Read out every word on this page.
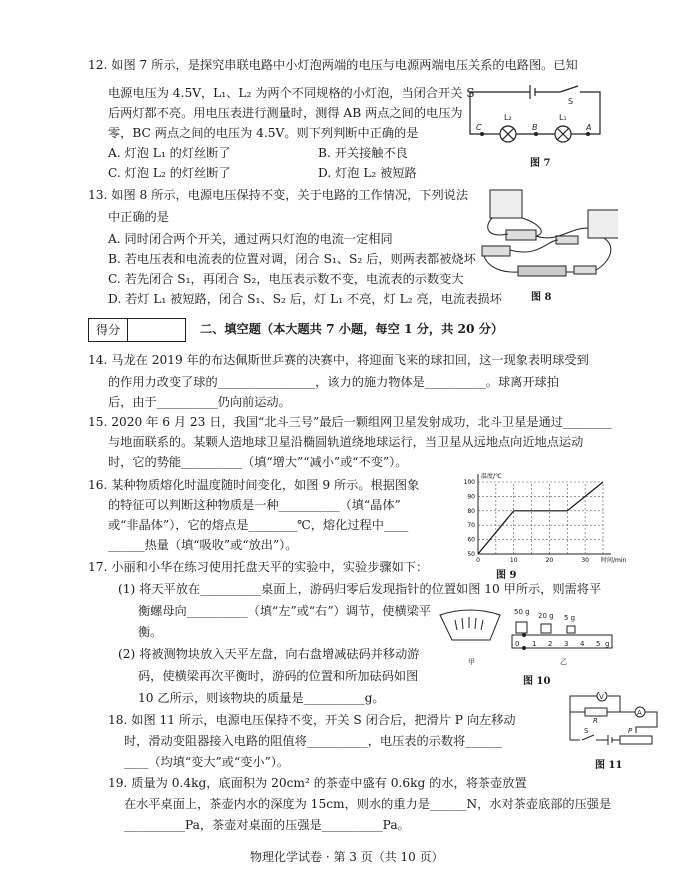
12. 如图 7 所示，是探究串联电路中小灯泡两端的电压与电源两端电压关系的电路图。已知
电源电压为 4.5V，L₁、L₂ 为两个不同规格的小灯泡，当闭合开关 S
后两灯都不亮。用电压表进行测量时，测得 AB 两点之间的电压为
零，BC 两点之间的电压为 4.5V。则下列判断中正确的是
A. 灯泡 L₁ 的灯丝断了	B. 开关接触不良
C. 灯泡 L₂ 的灯丝断了	D. 灯泡 L₂ 被短路
S
L₂	L₁
C	B	A
图 7
13. 如图 8 所示，电源电压保持不变，关于电路的工作情况，下列说法
中正确的是
A. 同时闭合两个开关，通过两只灯泡的电流一定相同
B. 若电压表和电流表的位置对调，闭合 S₁、S₂ 后，则两表都被烧坏
C. 若先闭合 S₁，再闭合 S₂，电压表示数不变，电流表的示数变大
D. 若灯 L₁ 被短路，闭合 S₁、S₂ 后，灯 L₁ 不亮，灯 L₂ 亮，电流表损坏	图 8
得分	二、填空题（本大题共 7 小题，每空 1 分，共 20 分）
14. 马龙在 2019 年的布达佩斯世乒赛的决赛中，将迎面飞来的球扣回，这一现象表明球受到
的作用力改变了球的________________，该力的施力物体是__________。球离开球拍
后，由于__________仍向前运动。
15. 2020 年 6 月 23 日，我国“北斗三号”最后一颗组网卫星发射成功，北斗卫星是通过________
与地面联系的。某颗人造地球卫星沿椭圆轨道绕地球运行，当卫星从远地点向近地点运动
时，它的势能__________（填“增大”“减小”或“不变”）。
16. 某种物质熔化时温度随时间变化，如图 9 所示。根据图象
的特征可以判断这种物质是一种__________（填“晶体”
或“非晶体”），它的熔点是________℃，熔化过程中____
______热量（填“吸收”或“放出”）。
50
60
70
80
90
100
0	10	20	30
温度/℃
时间/min
图 9
17. 小丽和小华在练习使用托盘天平的实验中，实验步骤如下：
(1) 将天平放在__________桌面上，游码归零后发现指针的位置如图 10 甲所示，则需将平
衡螺母向__________（填“左”或“右”）调节，使横梁平
衡。
(2) 将被测物块放入天平左盘，向右盘增减砝码并移动游
码，使横梁再次平衡时，游码的位置和所加砝码如图
10 乙所示，则该物块的质量是__________g。
50 g 20 g 5 g
0 1 2 3 4 5 g
甲	乙
图 10
18. 如图 11 所示，电源电压保持不变，开关 S 闭合后，把滑片 P 向左移动
时，滑动变阻器接入电路的阻值将__________，电压表的示数将______
____（均填“变大”或“变小”）。
V
R
A
S	P
图 11
19. 质量为 0.4kg，底面积为 20cm² 的茶壶中盛有 0.6kg 的水，将茶壶放置
在水平桌面上，茶壶内水的深度为 15cm，则水的重力是______N，水对茶壶底部的压强是
__________Pa，茶壶对桌面的压强是__________Pa。
物理化学试卷 · 第 3 页（共 10 页）
